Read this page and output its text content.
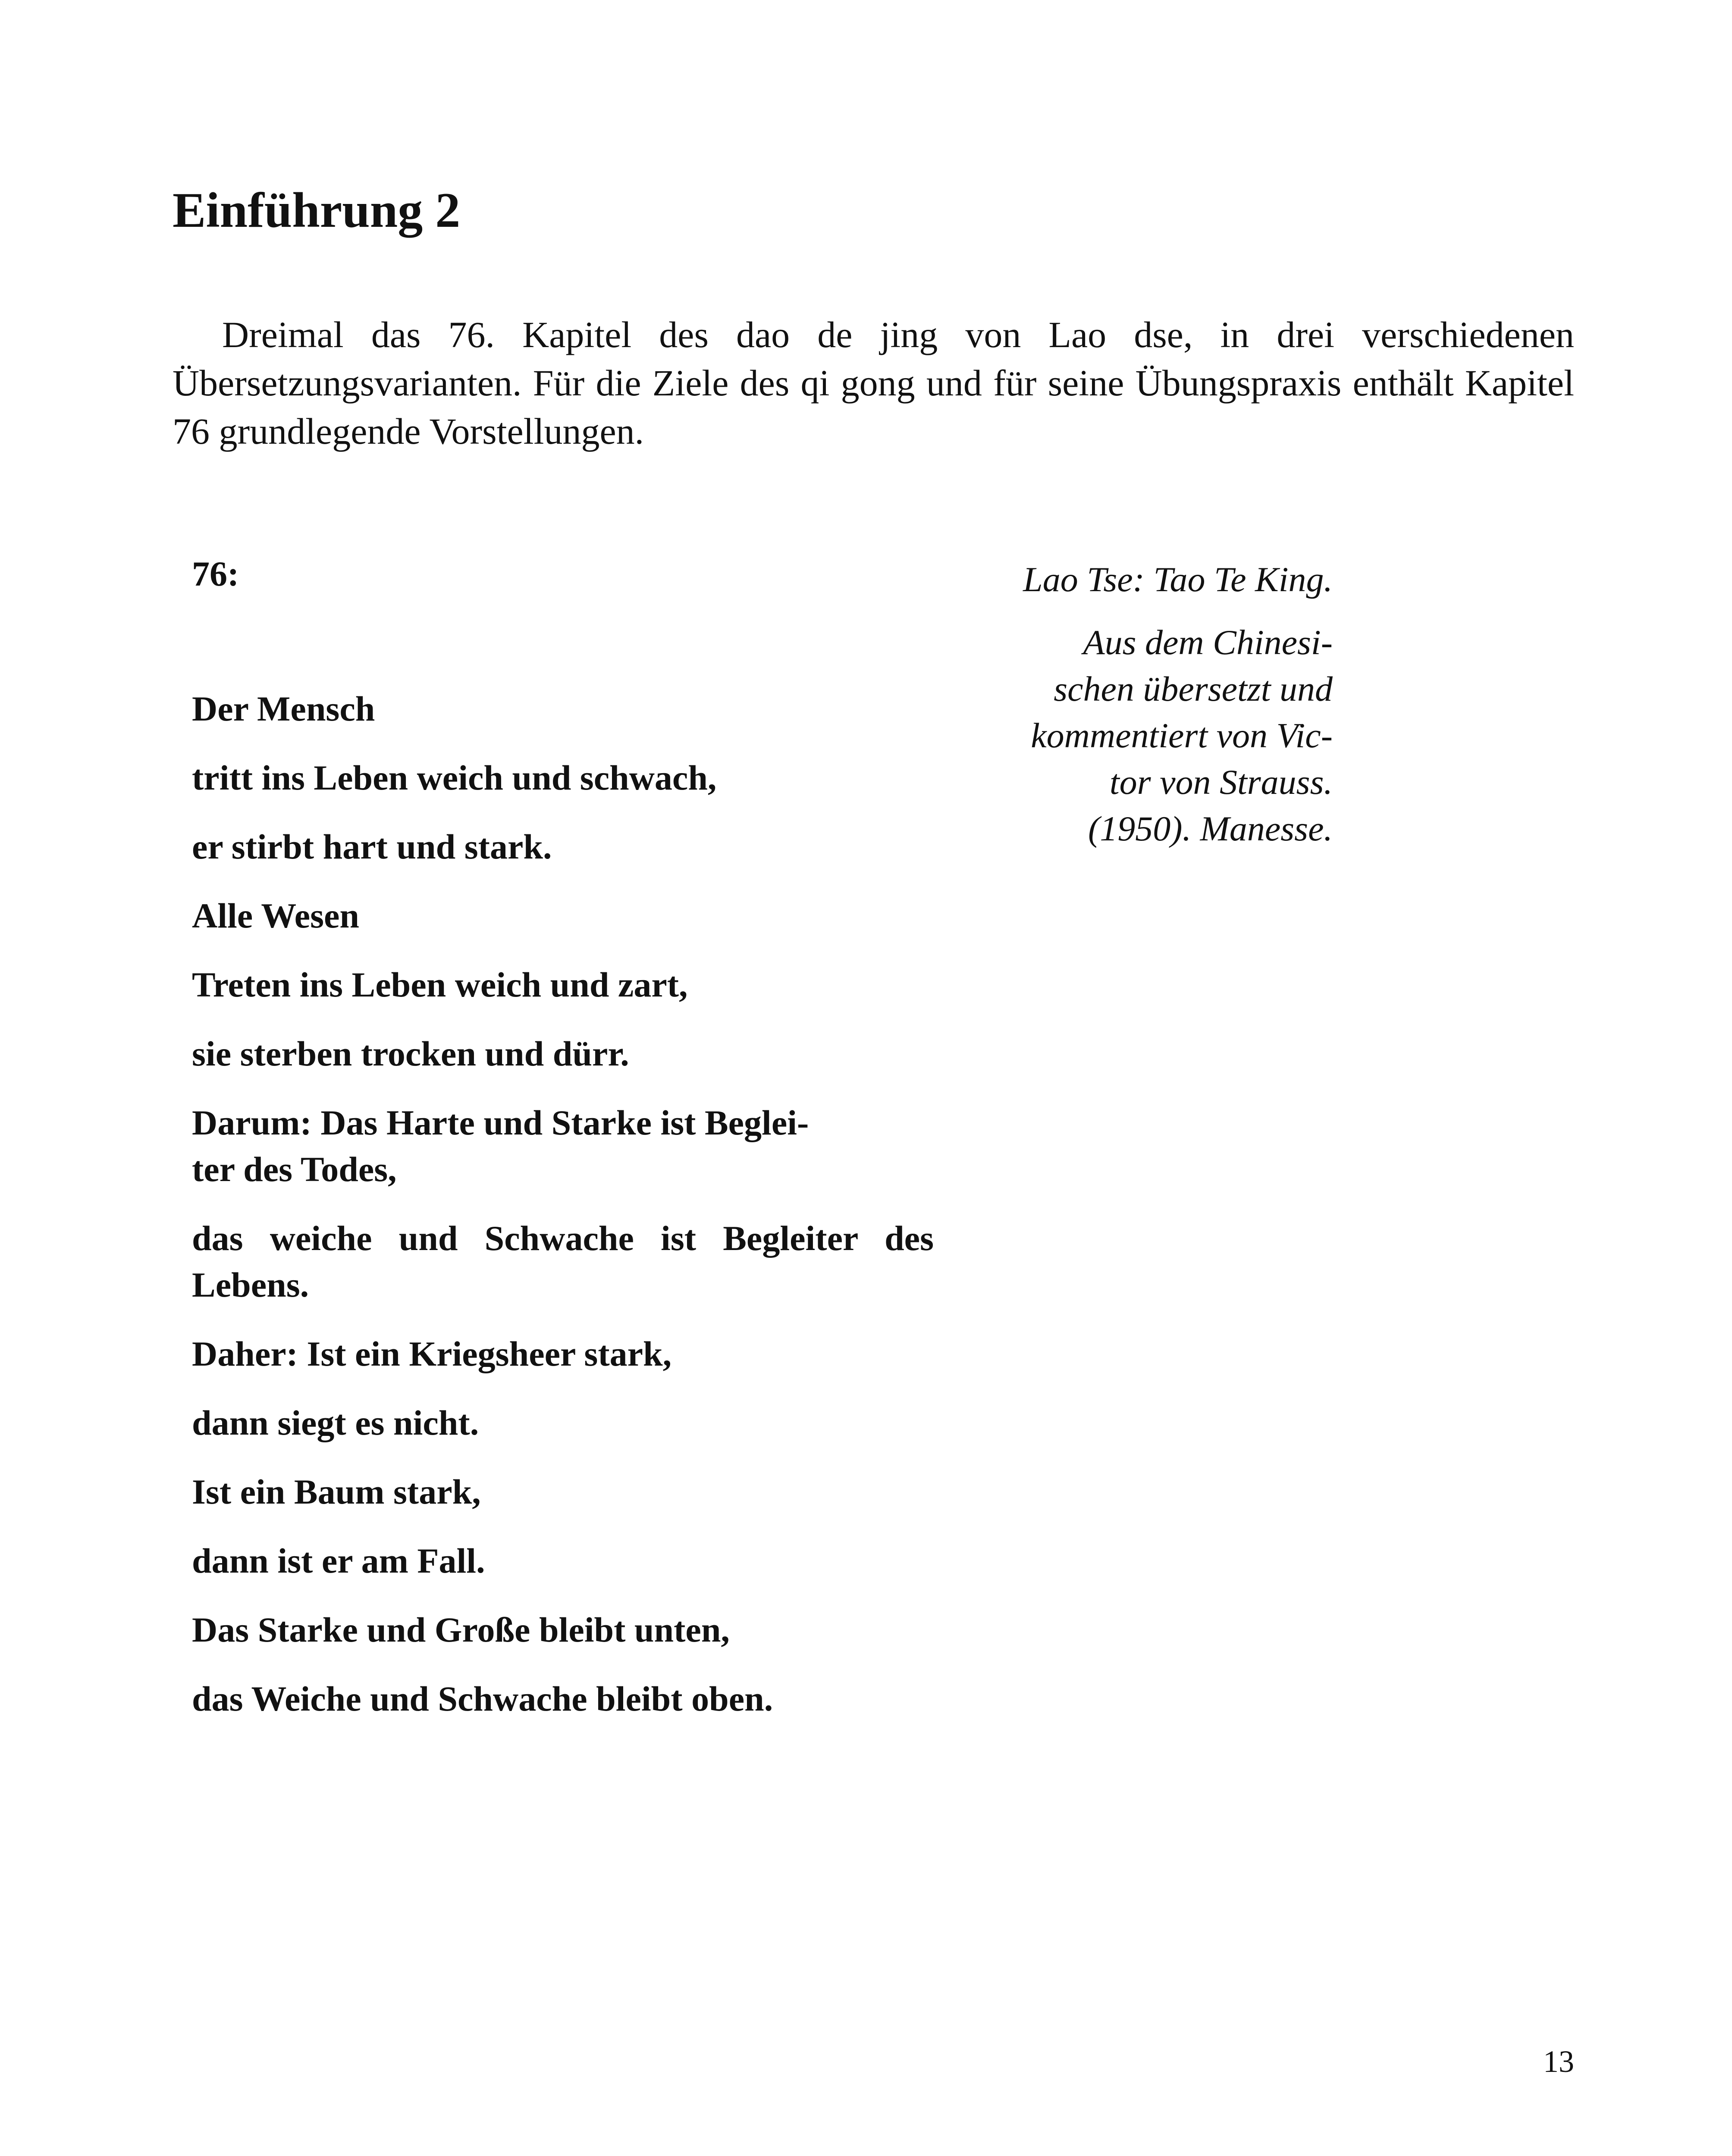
Einführung 2

Dreimal das 76. Kapitel des dao de jing von Lao dse, in drei verschiedenen Übersetzungsvarianten. Für die Ziele des qi gong und für seine Übungspraxis enthält Kapitel 76 grundlegende Vorstellungen.

76:
Der Mensch
tritt ins Leben weich und schwach,
er stirbt hart und stark.
Alle Wesen
Treten ins Leben weich und zart,
sie sterben trocken und dürr.
Darum: Das Harte und Starke ist Beglei-
ter des Todes,
das weiche und Schwache ist Begleiter des Lebens.
Daher: Ist ein Kriegsheer stark,
dann siegt es nicht.
Ist ein Baum stark,
dann ist er am Fall.
Das Starke und Große bleibt unten,
das Weiche und Schwache bleibt oben.
Lao Tse: Tao Te King.
Aus dem Chinesi-
schen übersetzt und
kommentiert von Vic-
tor von Strauss.
(1950). Manesse.
13
